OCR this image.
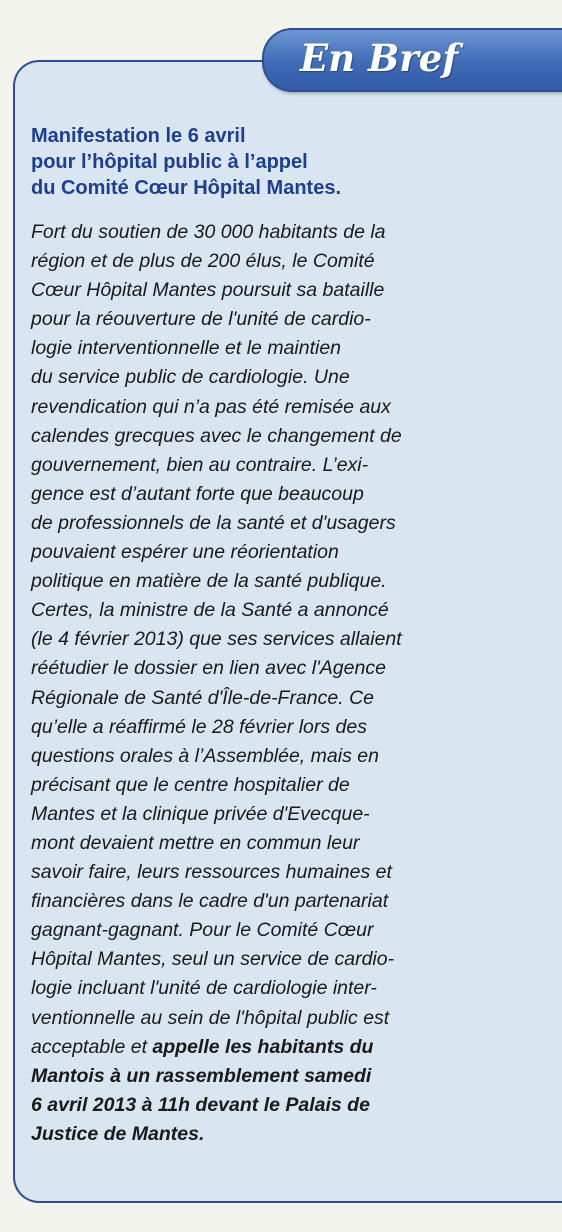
En Bref
Manifestation le 6 avril
pour l’hôpital public à l’appel
du Comité Cœur Hôpital Mantes.
Fort du soutien de 30 000 habitants de la
région et de plus de 200 élus, le Comité
Cœur Hôpital Mantes poursuit sa bataille
pour la réouverture de l'unité de cardio-
logie interventionnelle et le maintien
du service public de cardiologie. Une
revendication qui n’a pas été remisée aux
calendes grecques avec le changement de
gouvernement, bien au contraire. L’exi-
gence est d’autant forte que beaucoup
de professionnels de la santé et d'usagers
pouvaient espérer une réorientation
politique en matière de la santé publique.
Certes, la ministre de la Santé a annoncé
(le 4 février 2013) que ses services allaient
réétudier le dossier en lien avec l'Agence
Régionale de Santé d'Île-de-France. Ce
qu’elle a réaffirmé le 28 février lors des
questions orales à l’Assemblée, mais en
précisant que le centre hospitalier de
Mantes et la clinique privée d'Evecque-
mont devaient mettre en commun leur
savoir faire, leurs ressources humaines et
financières dans le cadre d'un partenariat
gagnant-gagnant. Pour le Comité Cœur
Hôpital Mantes, seul un service de cardio-
logie incluant l'unité de cardiologie inter-
ventionnelle au sein de l'hôpital public est
acceptable et appelle les habitants du
Mantois à un rassemblement samedi
6 avril 2013 à 11h devant le Palais de
Justice de Mantes.
